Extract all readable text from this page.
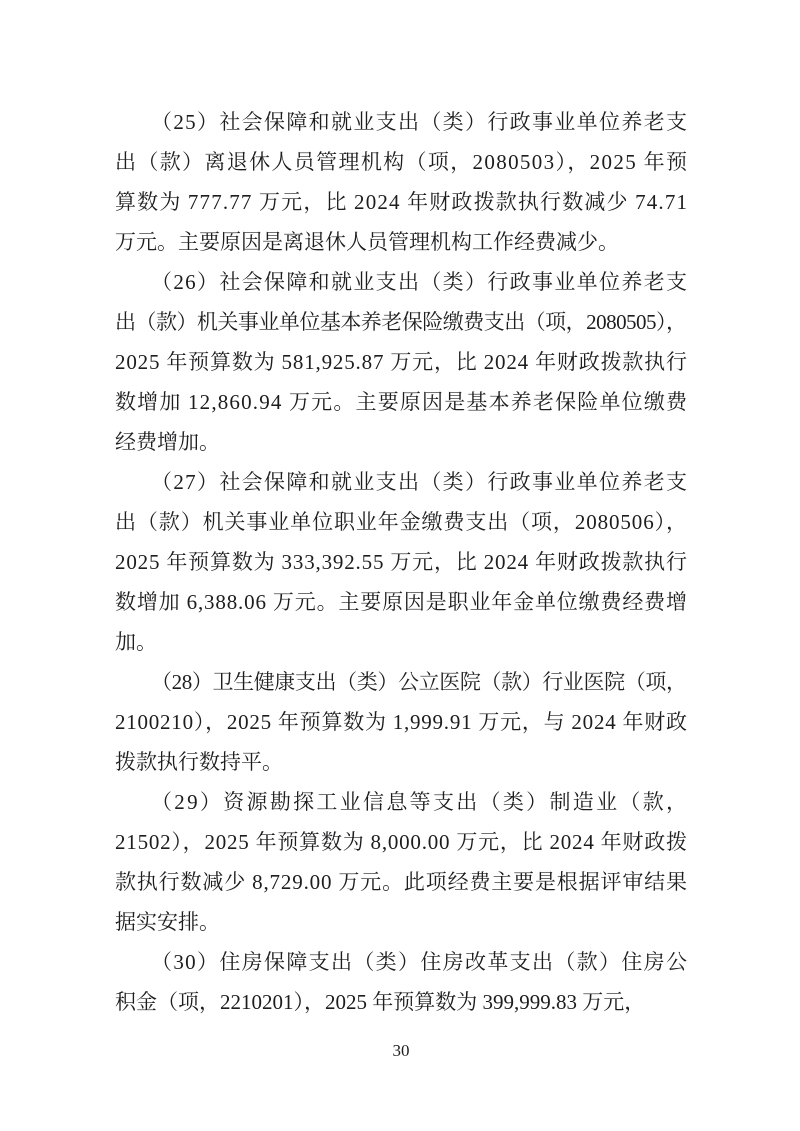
（25）社会保障和就业支出（类）行政事业单位养老支
出（款）离退休人员管理机构（项，2080503），2025 年预
算数为 777.77 万元，比 2024 年财政拨款执行数减少 74.71
万元。主要原因是离退休人员管理机构工作经费减少。
（26）社会保障和就业支出（类）行政事业单位养老支
出（款）机关事业单位基本养老保险缴费支出（项，2080505），
2025 年预算数为 581,925.87 万元，比 2024 年财政拨款执行
数增加 12,860.94 万元。主要原因是基本养老保险单位缴费
经费增加。
（27）社会保障和就业支出（类）行政事业单位养老支
出（款）机关事业单位职业年金缴费支出（项，2080506），
2025 年预算数为 333,392.55 万元，比 2024 年财政拨款执行
数增加 6,388.06 万元。主要原因是职业年金单位缴费经费增
加。
（28）卫生健康支出（类）公立医院（款）行业医院（项，
2100210），2025 年预算数为 1,999.91 万元，与 2024 年财政
拨款执行数持平。
（29）资源勘探工业信息等支出（类）制造业（款，
21502），2025 年预算数为 8,000.00 万元，比 2024 年财政拨
款执行数减少 8,729.00 万元。此项经费主要是根据评审结果
据实安排。
（30）住房保障支出（类）住房改革支出（款）住房公
积金（项，2210201），2025 年预算数为 399,999.83 万元，
30
